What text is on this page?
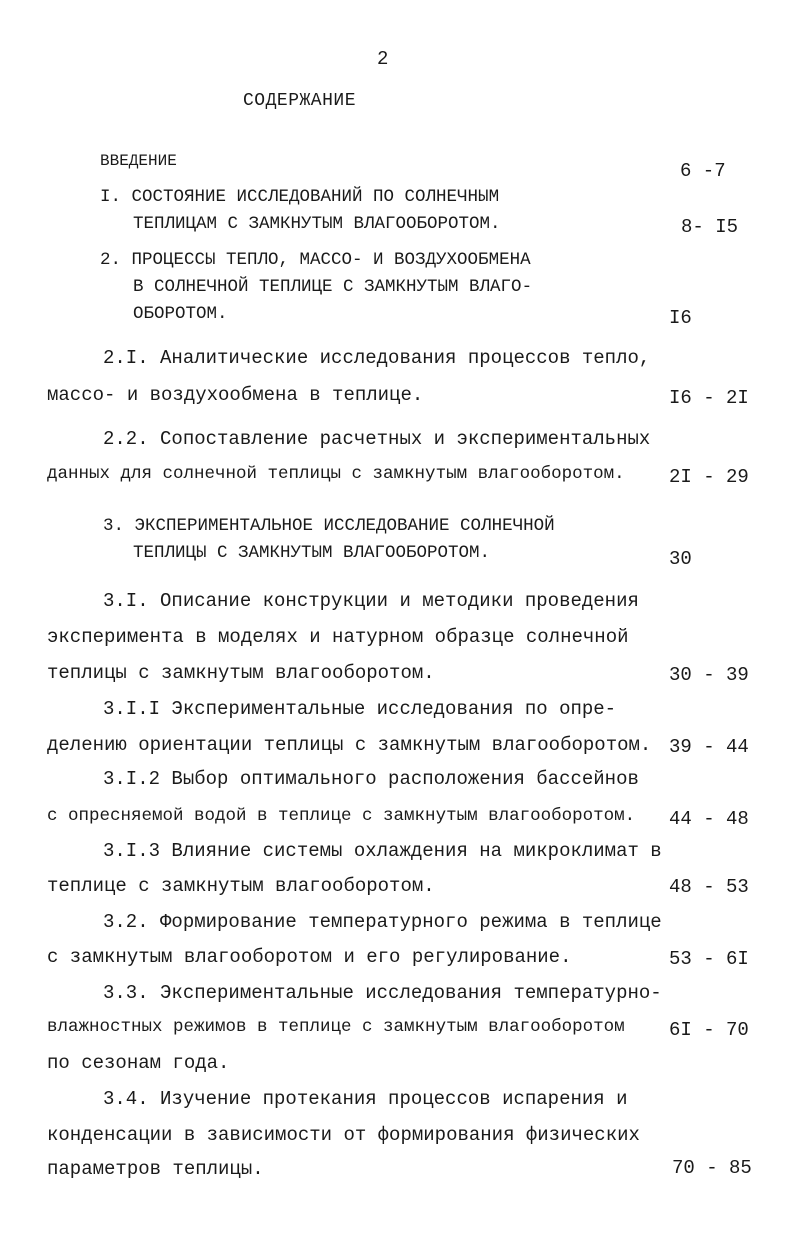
2
СОДЕРЖАНИЕ
ВВЕДЕНИЕ	6 -7
I. СОСТОЯНИЕ ИССЛЕДОВАНИЙ ПО СОЛНЕЧНЫМ
ТЕПЛИЦАМ С ЗАМКНУТЫМ ВЛАГООБОРОТОМ.	8- I5
2. ПРОЦЕССЫ ТЕПЛО, МАССО- И ВОЗДУХООБМЕНА
В СОЛНЕЧНОЙ ТЕПЛИЦЕ С ЗАМКНУТЫМ ВЛАГО-
ОБОРОТОМ.	I6
2.I. Аналитические исследования процессов тепло,
массо- и воздухообмена в теплице.	I6 - 2I
2.2. Сопоставление расчетных и экспериментальных
данных для солнечной теплицы с замкнутым влагооборотом. 2I - 29
3. ЭКСПЕРИМЕНТАЛЬНОЕ ИССЛЕДОВАНИЕ СОЛНЕЧНОЙ
ТЕПЛИЦЫ С ЗАМКНУТЫМ ВЛАГООБОРОТОМ.	30
3.I. Описание конструкции и методики проведения
эксперимента в моделях и натурном образце солнечной
теплицы с замкнутым влагооборотом.	30 - 39
3.I.I Экспериментальные исследования по опре-
делению ориентации теплицы с замкнутым влагооборотом. 39 - 44
3.I.2 Выбор оптимального расположения бассейнов
с опресняемой водой в теплице с замкнутым влагооборотом. 44 - 48
3.I.3 Влияние системы охлаждения на микроклимат в
теплице с замкнутым влагооборотом.	48 - 53
3.2. Формирование температурного режима в теплице
с замкнутым влагооборотом и его регулирование.	53 - 6I
3.3. Экспериментальные исследования температурно-
влажностных режимов в теплице с замкнутым влагооборотом
по сезонам года.
6I - 70
3.4. Изучение протекания процессов испарения и
конденсации в зависимости от формирования физических
параметров теплицы.	70 - 85
